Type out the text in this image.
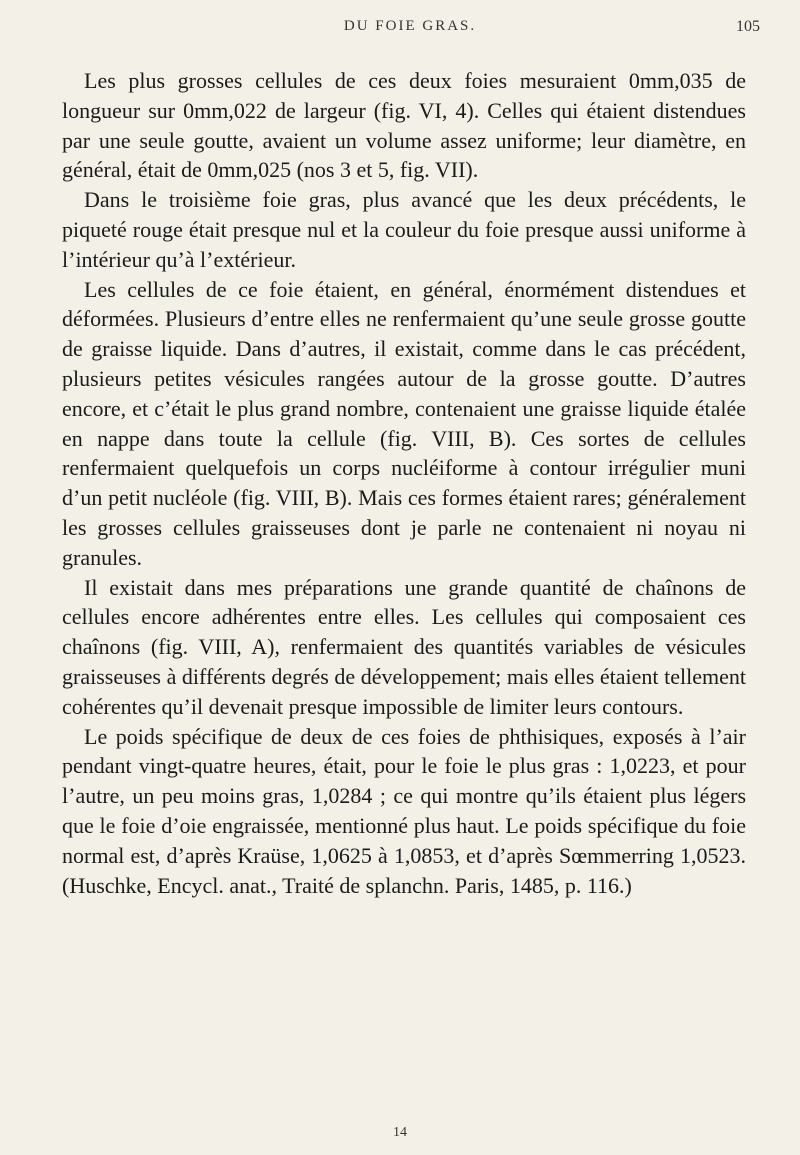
DU FOIE GRAS.	105

Les plus grosses cellules de ces deux foies mesuraient 0mm,035 de longueur sur 0mm,022 de largeur (fig. VI, 4). Celles qui étaient distendues par une seule goutte, avaient un volume assez uniforme; leur diamètre, en général, était de 0mm,025 (nos 3 et 5, fig. VII).

Dans le troisième foie gras, plus avancé que les deux précédents, le piqueté rouge était presque nul et la couleur du foie presque aussi uniforme à l’intérieur qu’à l’extérieur.

Les cellules de ce foie étaient, en général, énormément distendues et déformées. Plusieurs d’entre elles ne renfermaient qu’une seule grosse goutte de graisse liquide. Dans d’autres, il existait, comme dans le cas précédent, plusieurs petites vésicules rangées autour de la grosse goutte. D’autres encore, et c’était le plus grand nombre, contenaient une graisse liquide étalée en nappe dans toute la cellule (fig. VIII, B). Ces sortes de cellules renfermaient quelquefois un corps nucléiforme à contour irrégulier muni d’un petit nucléole (fig. VIII, B). Mais ces formes étaient rares; généralement les grosses cellules graisseuses dont je parle ne contenaient ni noyau ni granules.

Il existait dans mes préparations une grande quantité de chaînons de cellules encore adhérentes entre elles. Les cellules qui composaient ces chaînons (fig. VIII, A), renfermaient des quantités variables de vésicules graisseuses à différents degrés de développement; mais elles étaient tellement cohérentes qu’il devenait presque impossible de limiter leurs contours.

Le poids spécifique de deux de ces foies de phthisiques, exposés à l’air pendant vingt-quatre heures, était, pour le foie le plus gras : 1,0223, et pour l’autre, un peu moins gras, 1,0284 ; ce qui montre qu’ils étaient plus légers que le foie d’oie engraissée, mentionné plus haut. Le poids spécifique du foie normal est, d’après Kraüse, 1,0625 à 1,0853, et d’après Sœmmerring 1,0523. (Huschke, Encycl. anat., Traité de splanchn. Paris, 1485, p. 116.)

14
